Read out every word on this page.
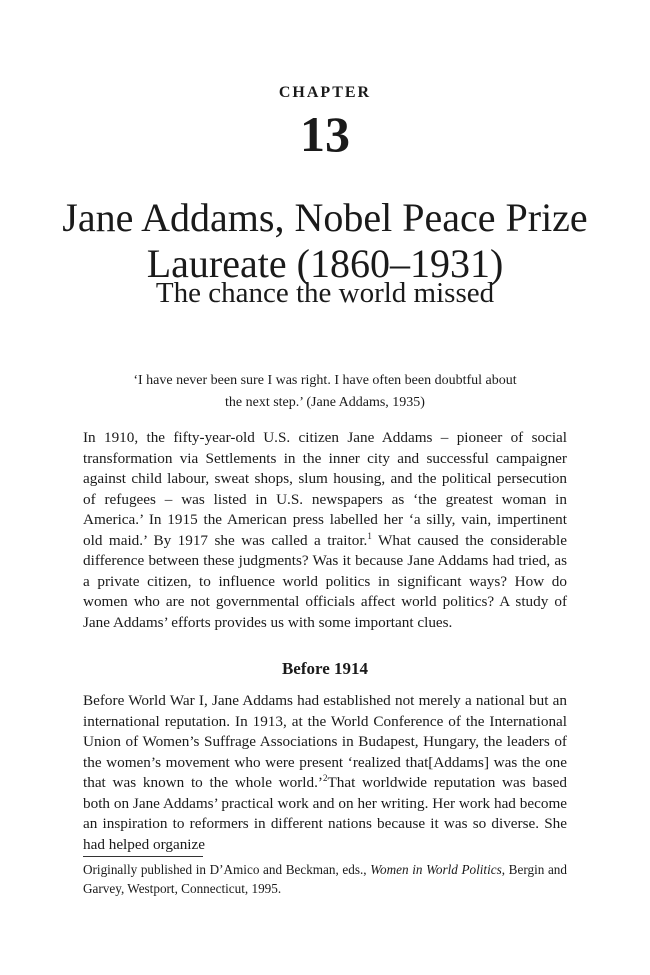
CHAPTER
13
Jane Addams, Nobel Peace Prize
Laureate (1860–1931)
The chance the world missed
‘I have never been sure I was right. I have often been doubtful about
the next step.’ (Jane Addams, 1935)

In 1910, the fifty-year-old U.S. citizen Jane Addams – pioneer of social transformation via Settlements in the inner city and successful campaigner against child labour, sweat shops, slum housing, and the political persecution of refugees – was listed in U.S. newspapers as ‘the greatest woman in America.’ In 1915 the American press labelled her ‘a silly, vain, impertinent old maid.’ By 1917 she was called a traitor.$^1$ What caused the considerable difference between these judgments? Was it because Jane Addams had tried, as a private citizen, to influence world politics in significant ways? How do women who are not governmental officials affect world politics? A study of Jane Addams’ efforts provides us with some important clues.

Before 1914

Before World War I, Jane Addams had established not merely a national but an international reputation. In 1913, at the World Conference of the International Union of Women’s Suffrage Associations in Budapest, Hungary, the leaders of the women’s movement who were present ‘realized that[Addams] was the one that was known to the whole world.’$^2$That worldwide reputation was based both on Jane Addams’ practical work and on her writing. Her work had become an inspiration to reformers in different nations because it was so diverse. She had helped organize

Originally published in D’Amico and Beckman, eds., Women in World Politics, Bergin and Garvey, Westport, Connecticut, 1995.
